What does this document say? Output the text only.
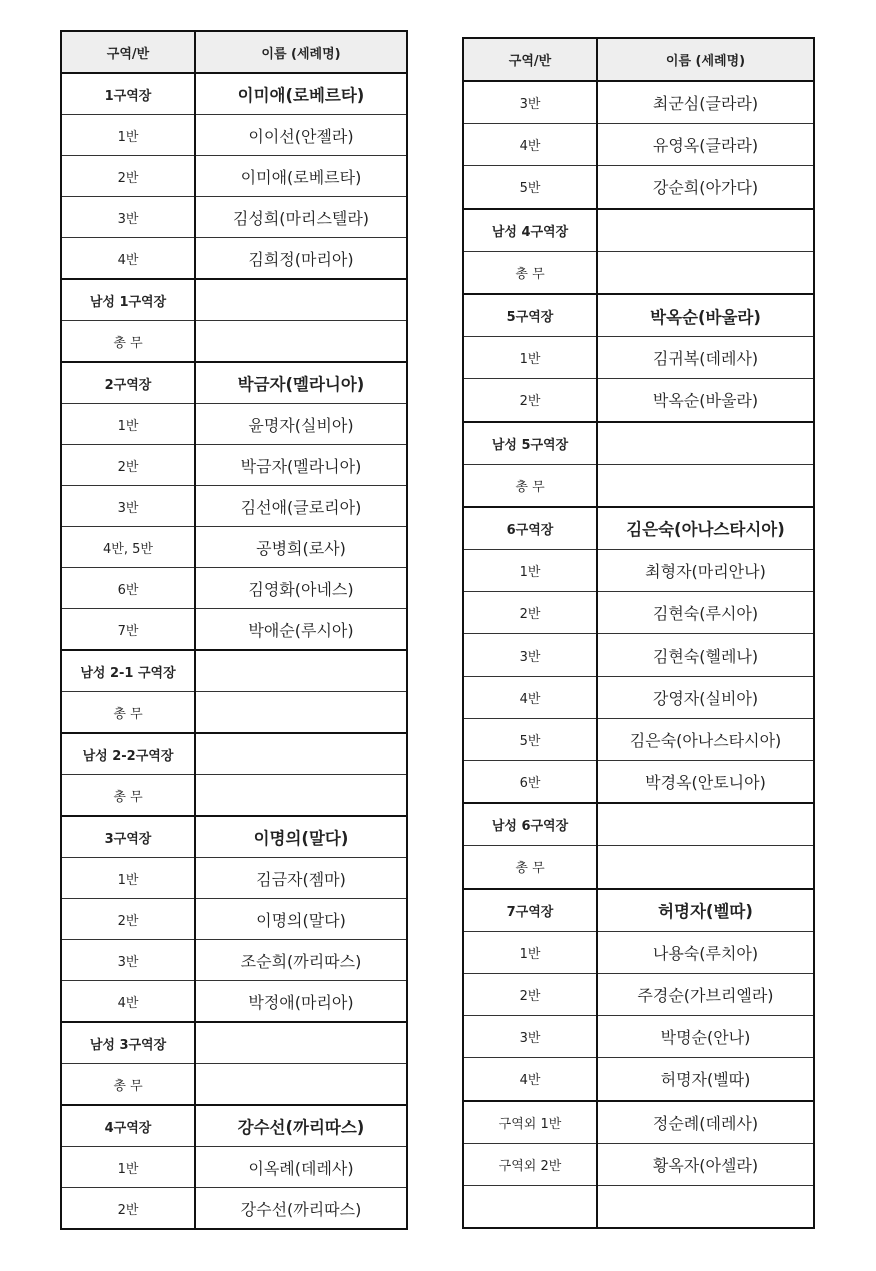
구역/반	이름 (세례명)
1구역장	이미애(로베르타)
1반	이이선(안젤라)
2반	이미애(로베르타)
3반	김성희(마리스텔라)
4반	김희정(마리아)
남성 1구역장	
총 무	
2구역장	박금자(멜라니아)
1반	윤명자(실비아)
2반	박금자(멜라니아)
3반	김선애(글로리아)
4반, 5반	공병희(로사)
6반	김영화(아네스)
7반	박애순(루시아)
남성 2-1 구역장	
총 무	
남성 2-2구역장	
총 무	
3구역장	이명의(말다)
1반	김금자(젬마)
2반	이명의(말다)
3반	조순희(까리따스)
4반	박정애(마리아)
남성 3구역장	
총 무	
4구역장	강수선(까리따스)
1반	이옥례(데레사)
2반	강수선(까리따스)
구역/반	이름 (세례명)
3반	최군심(글라라)
4반	유영옥(글라라)
5반	강순희(아가다)
남성 4구역장	
총 무	
5구역장	박옥순(바울라)
1반	김귀복(데레사)
2반	박옥순(바울라)
남성 5구역장	
총 무	
6구역장	김은숙(아나스타시아)
1반	최형자(마리안나)
2반	김현숙(루시아)
3반	김현숙(헬레나)
4반	강영자(실비아)
5반	김은숙(아나스타시아)
6반	박경옥(안토니아)
남성 6구역장	
총 무	
7구역장	허명자(벨따)
1반	나용숙(루치아)
2반	주경순(가브리엘라)
3반	박명순(안나)
4반	허명자(벨따)
구역외 1반	정순례(데레사)
구역외 2반	황옥자(아셀라)
